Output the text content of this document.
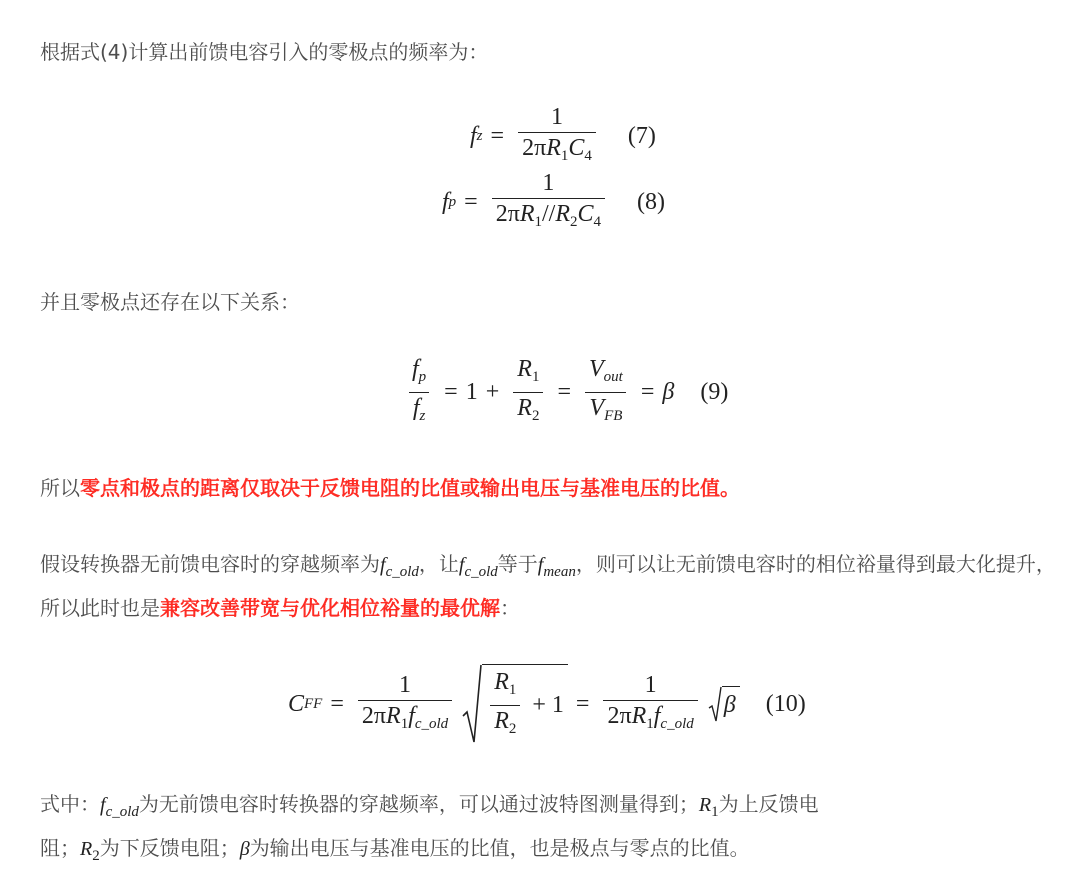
根据式(4)计算出前馈电容引入的零极点的频率为：
f $z = \frac{1}{2\pi R_1C_4} (7)$
f $p = \frac{1}{2\pi R_1//R_2C_4} (8)$
并且零极点还存在以下关系：
$\frac{f_p}{f_z} = 1 + \frac{R_1}{R_2} = \frac{V_{out}}{V_{FB}} = \beta$ (9)
所以零点和极点的距离仅取决于反馈电阻的比值或输出电压与基准电压的比值。
假设转换器无前馈电容时的穿越频率为$f_{c\_old}$，让$f_{c\_old}$等于$f_{mean}$，则可以让无前馈电容时的相位裕量得到最大化提升，所以此时也是兼容改善带宽与优化相位裕量的最优解：
C FF = $\frac{1}{2\pi R_1f_{c\_old}} \frac{R_1}{R_2} + 1 = \frac{1}{2\pi R_1f_{c\_old}}$ β (10)
式中：$f_{c\_old}$为无前馈电容时转换器的穿越频率，可以通过波特图测量得到；$R_1$为上反馈电
阻；$R_2$为下反馈电阻；β为输出电压与基准电压的比值，也是极点与零点的比值。
